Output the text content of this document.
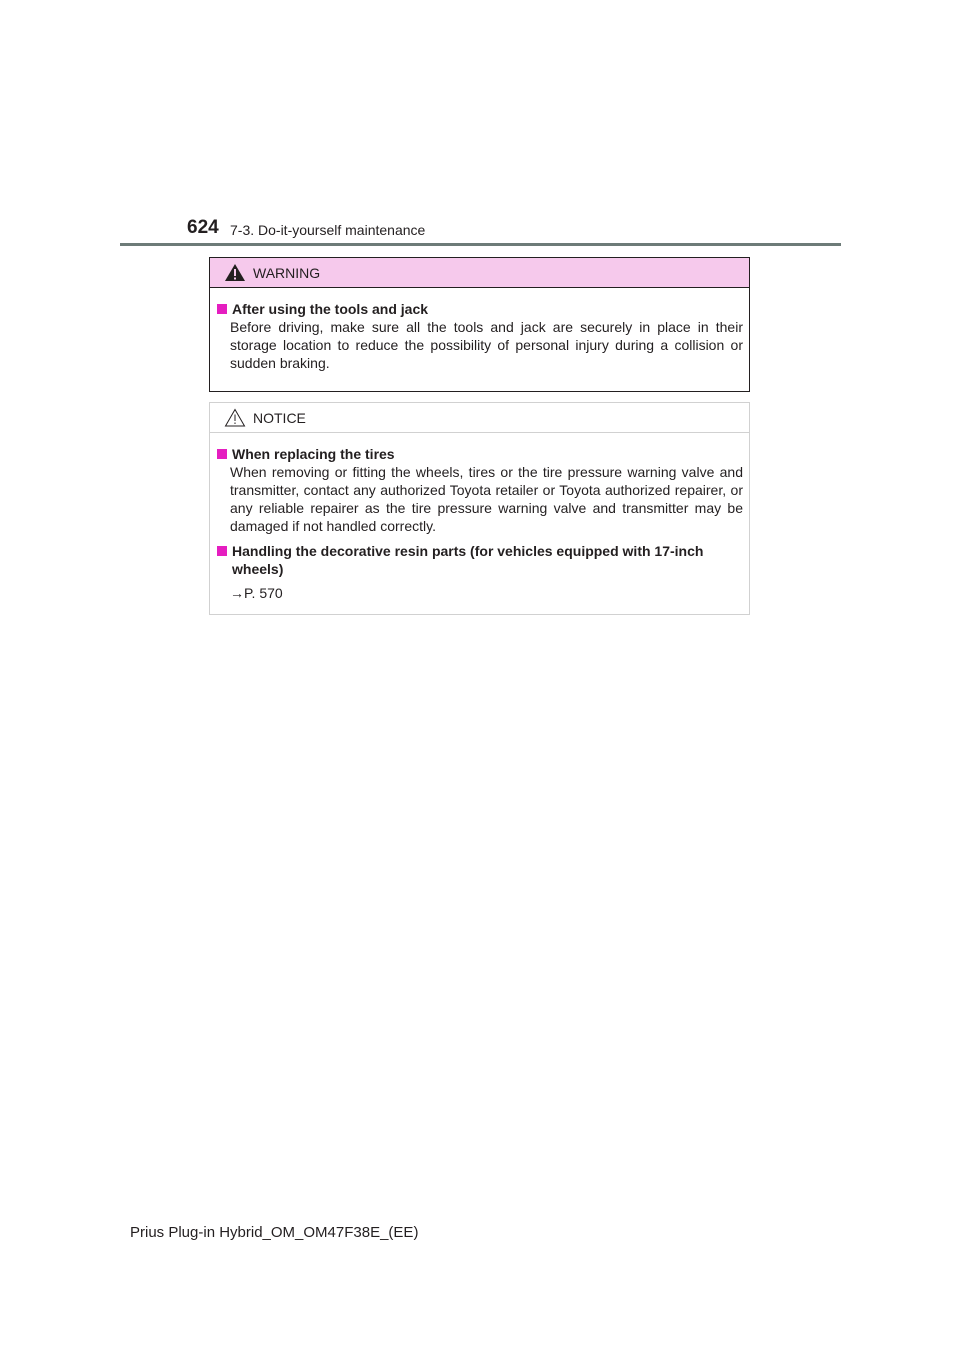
624 7-3. Do-it-yourself maintenance
WARNING
After using the tools and jack
Before driving, make sure all the tools and jack are securely in place in their storage location to reduce the possibility of personal injury during a collision or sudden braking.
NOTICE
When replacing the tires
When removing or fitting the wheels, tires or the tire pressure warning valve and transmitter, contact any authorized Toyota retailer or Toyota authorized repairer, or any reliable repairer as the tire pressure warning valve and transmitter may be damaged if not handled correctly.
Handling the decorative resin parts (for vehicles equipped with 17-inch wheels)
→P. 570
Prius Plug-in Hybrid_OM_OM47F38E_(EE)
